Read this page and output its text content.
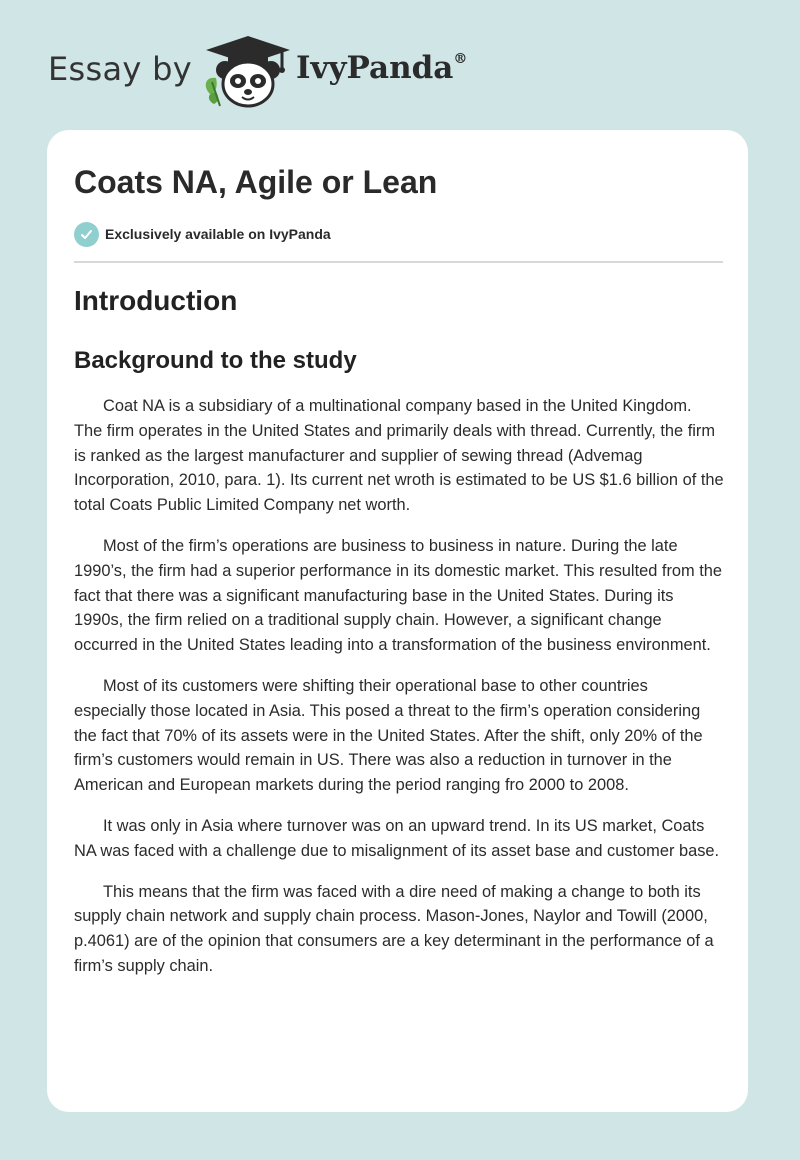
Essay by	IvyPanda®
Coats NA, Agile or Lean
Exclusively available on IvyPanda
Introduction
Background to the study

Coat NA is a subsidiary of a multinational company based in the United Kingdom. The firm operates in the United States and primarily deals with thread. Currently, the firm is ranked as the largest manufacturer and supplier of sewing thread (Advemag Incorporation, 2010, para. 1). Its current net wroth is estimated to be US $1.6 billion of the total Coats Public Limited Company net worth.

Most of the firm’s operations are business to business in nature. During the late 1990’s, the firm had a superior performance in its domestic market. This resulted from the fact that there was a significant manufacturing base in the United States. During its 1990s, the firm relied on a traditional supply chain. However, a significant change occurred in the United States leading into a transformation of the business environment.

Most of its customers were shifting their operational base to other countries especially those located in Asia. This posed a threat to the firm’s operation considering the fact that 70% of its assets were in the United States. After the shift, only 20% of the firm’s customers would remain in US. There was also a reduction in turnover in the American and European markets during the period ranging fro 2000 to 2008.

It was only in Asia where turnover was on an upward trend. In its US market, Coats NA was faced with a challenge due to misalignment of its asset base and customer base.

This means that the firm was faced with a dire need of making a change to both its supply chain network and supply chain process. Mason-Jones, Naylor and Towill (2000, p.4061) are of the opinion that consumers are a key determinant in the performance of a firm’s supply chain.
